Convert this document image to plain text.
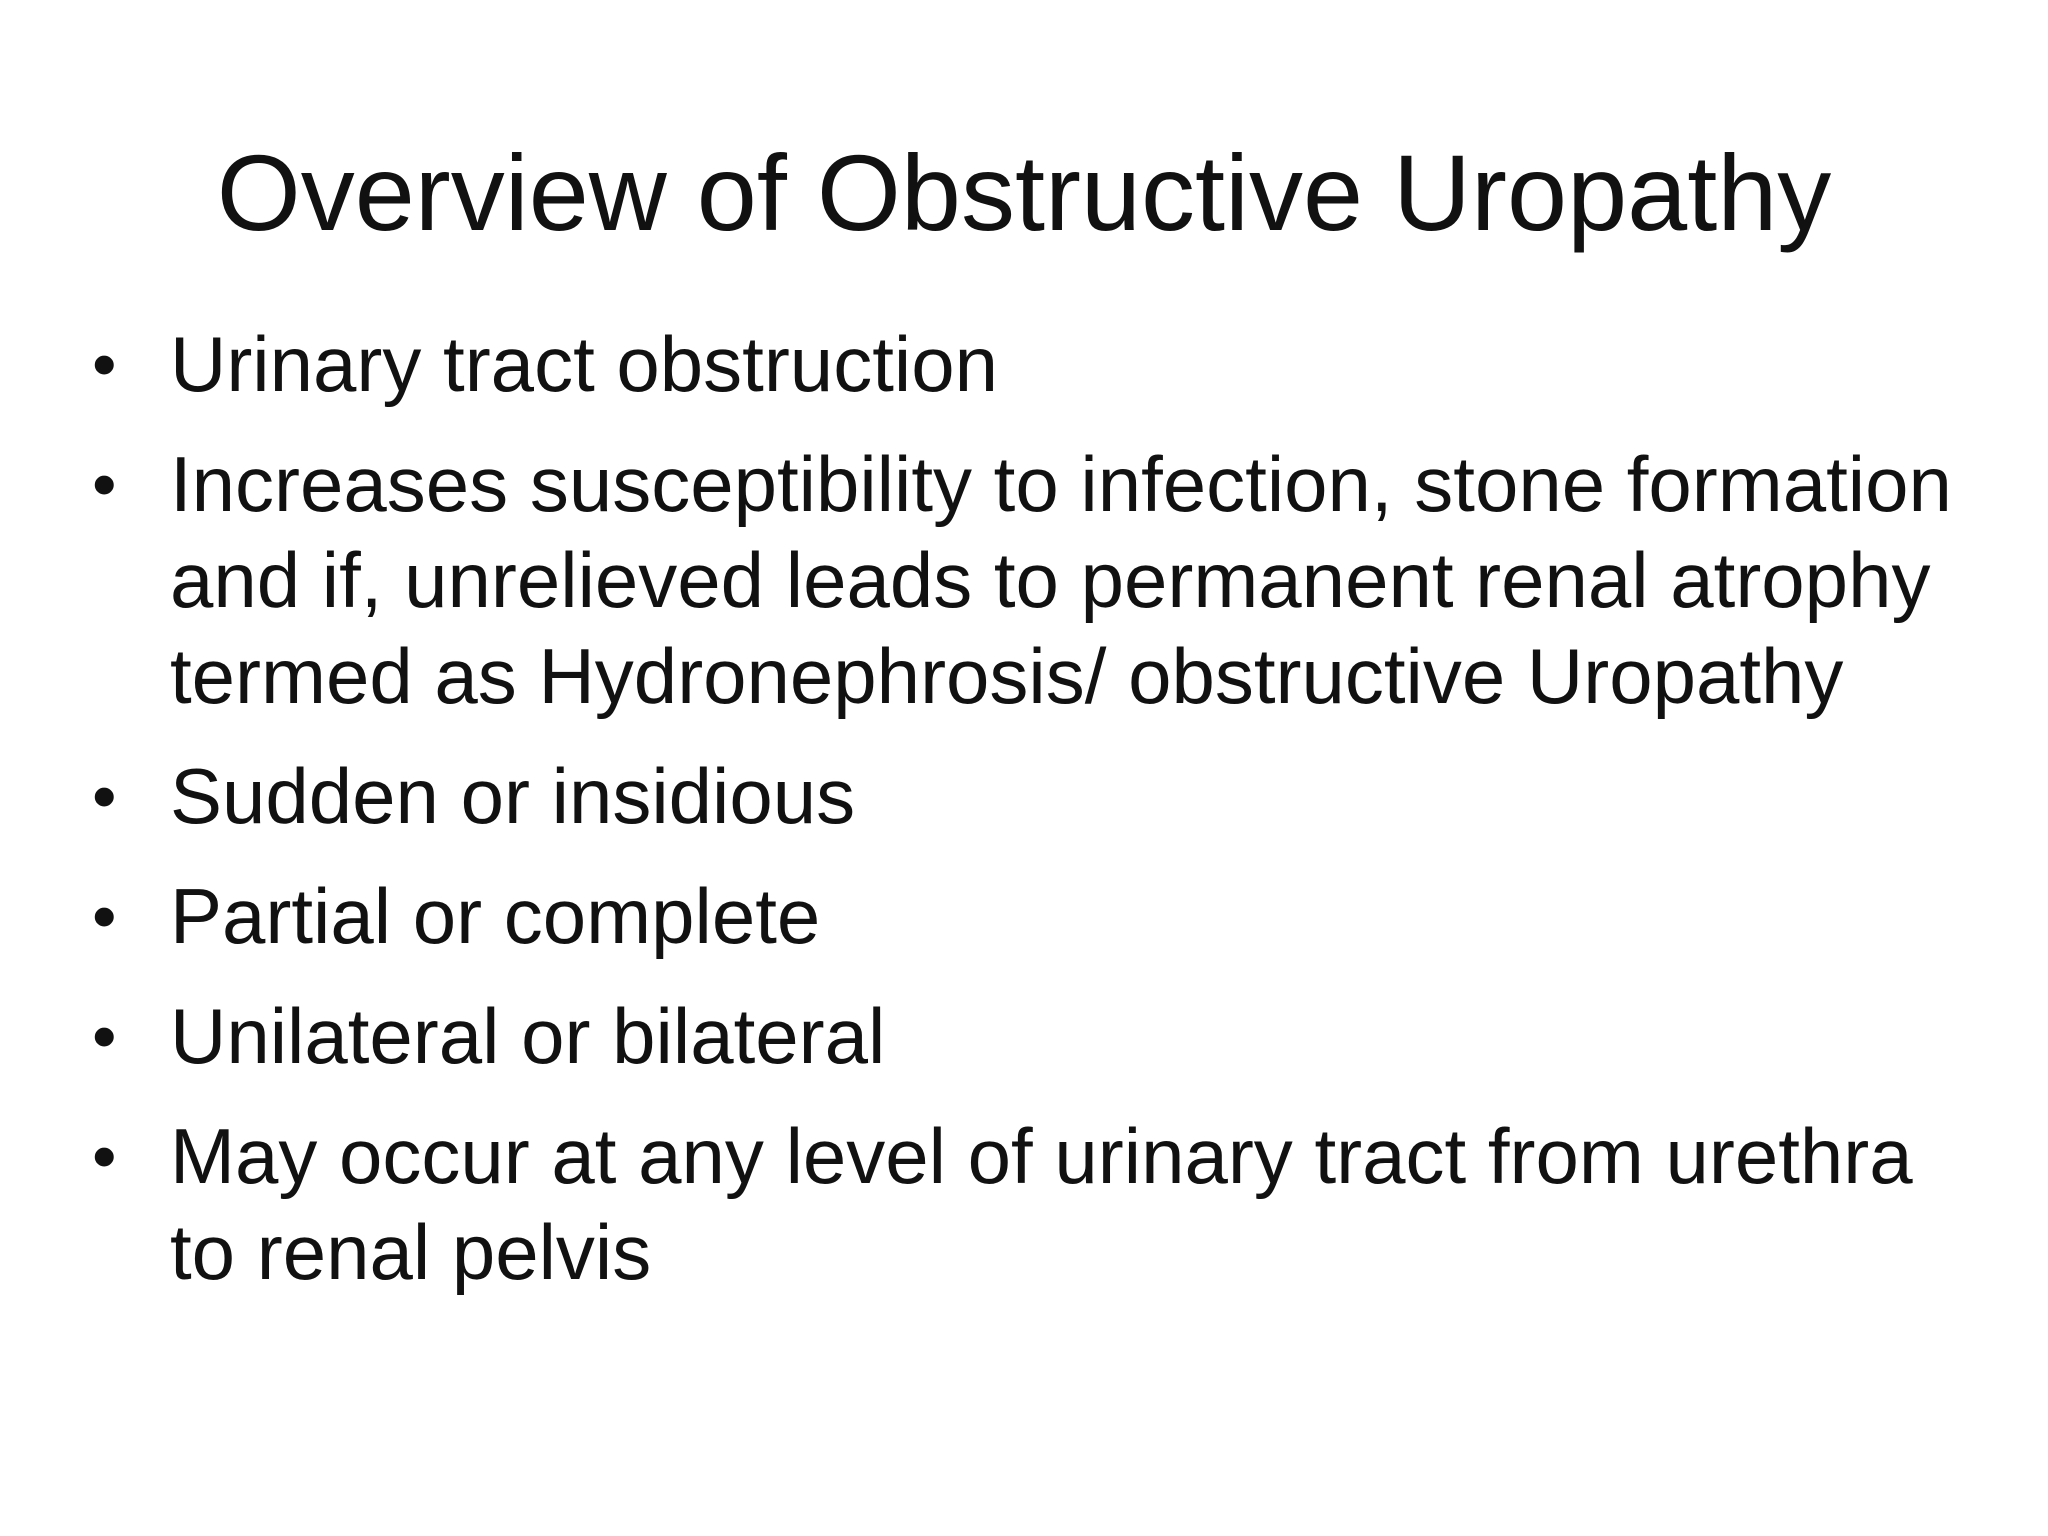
Overview of Obstructive Uropathy
• Urinary tract obstruction
• Increases susceptibility to infection, stone formation and if, unrelieved leads to permanent renal atrophy termed as Hydronephrosis/ obstructive Uropathy
• Sudden or insidious
• Partial or complete
• Unilateral or bilateral
• May occur at any level of urinary tract from urethra to renal pelvis
